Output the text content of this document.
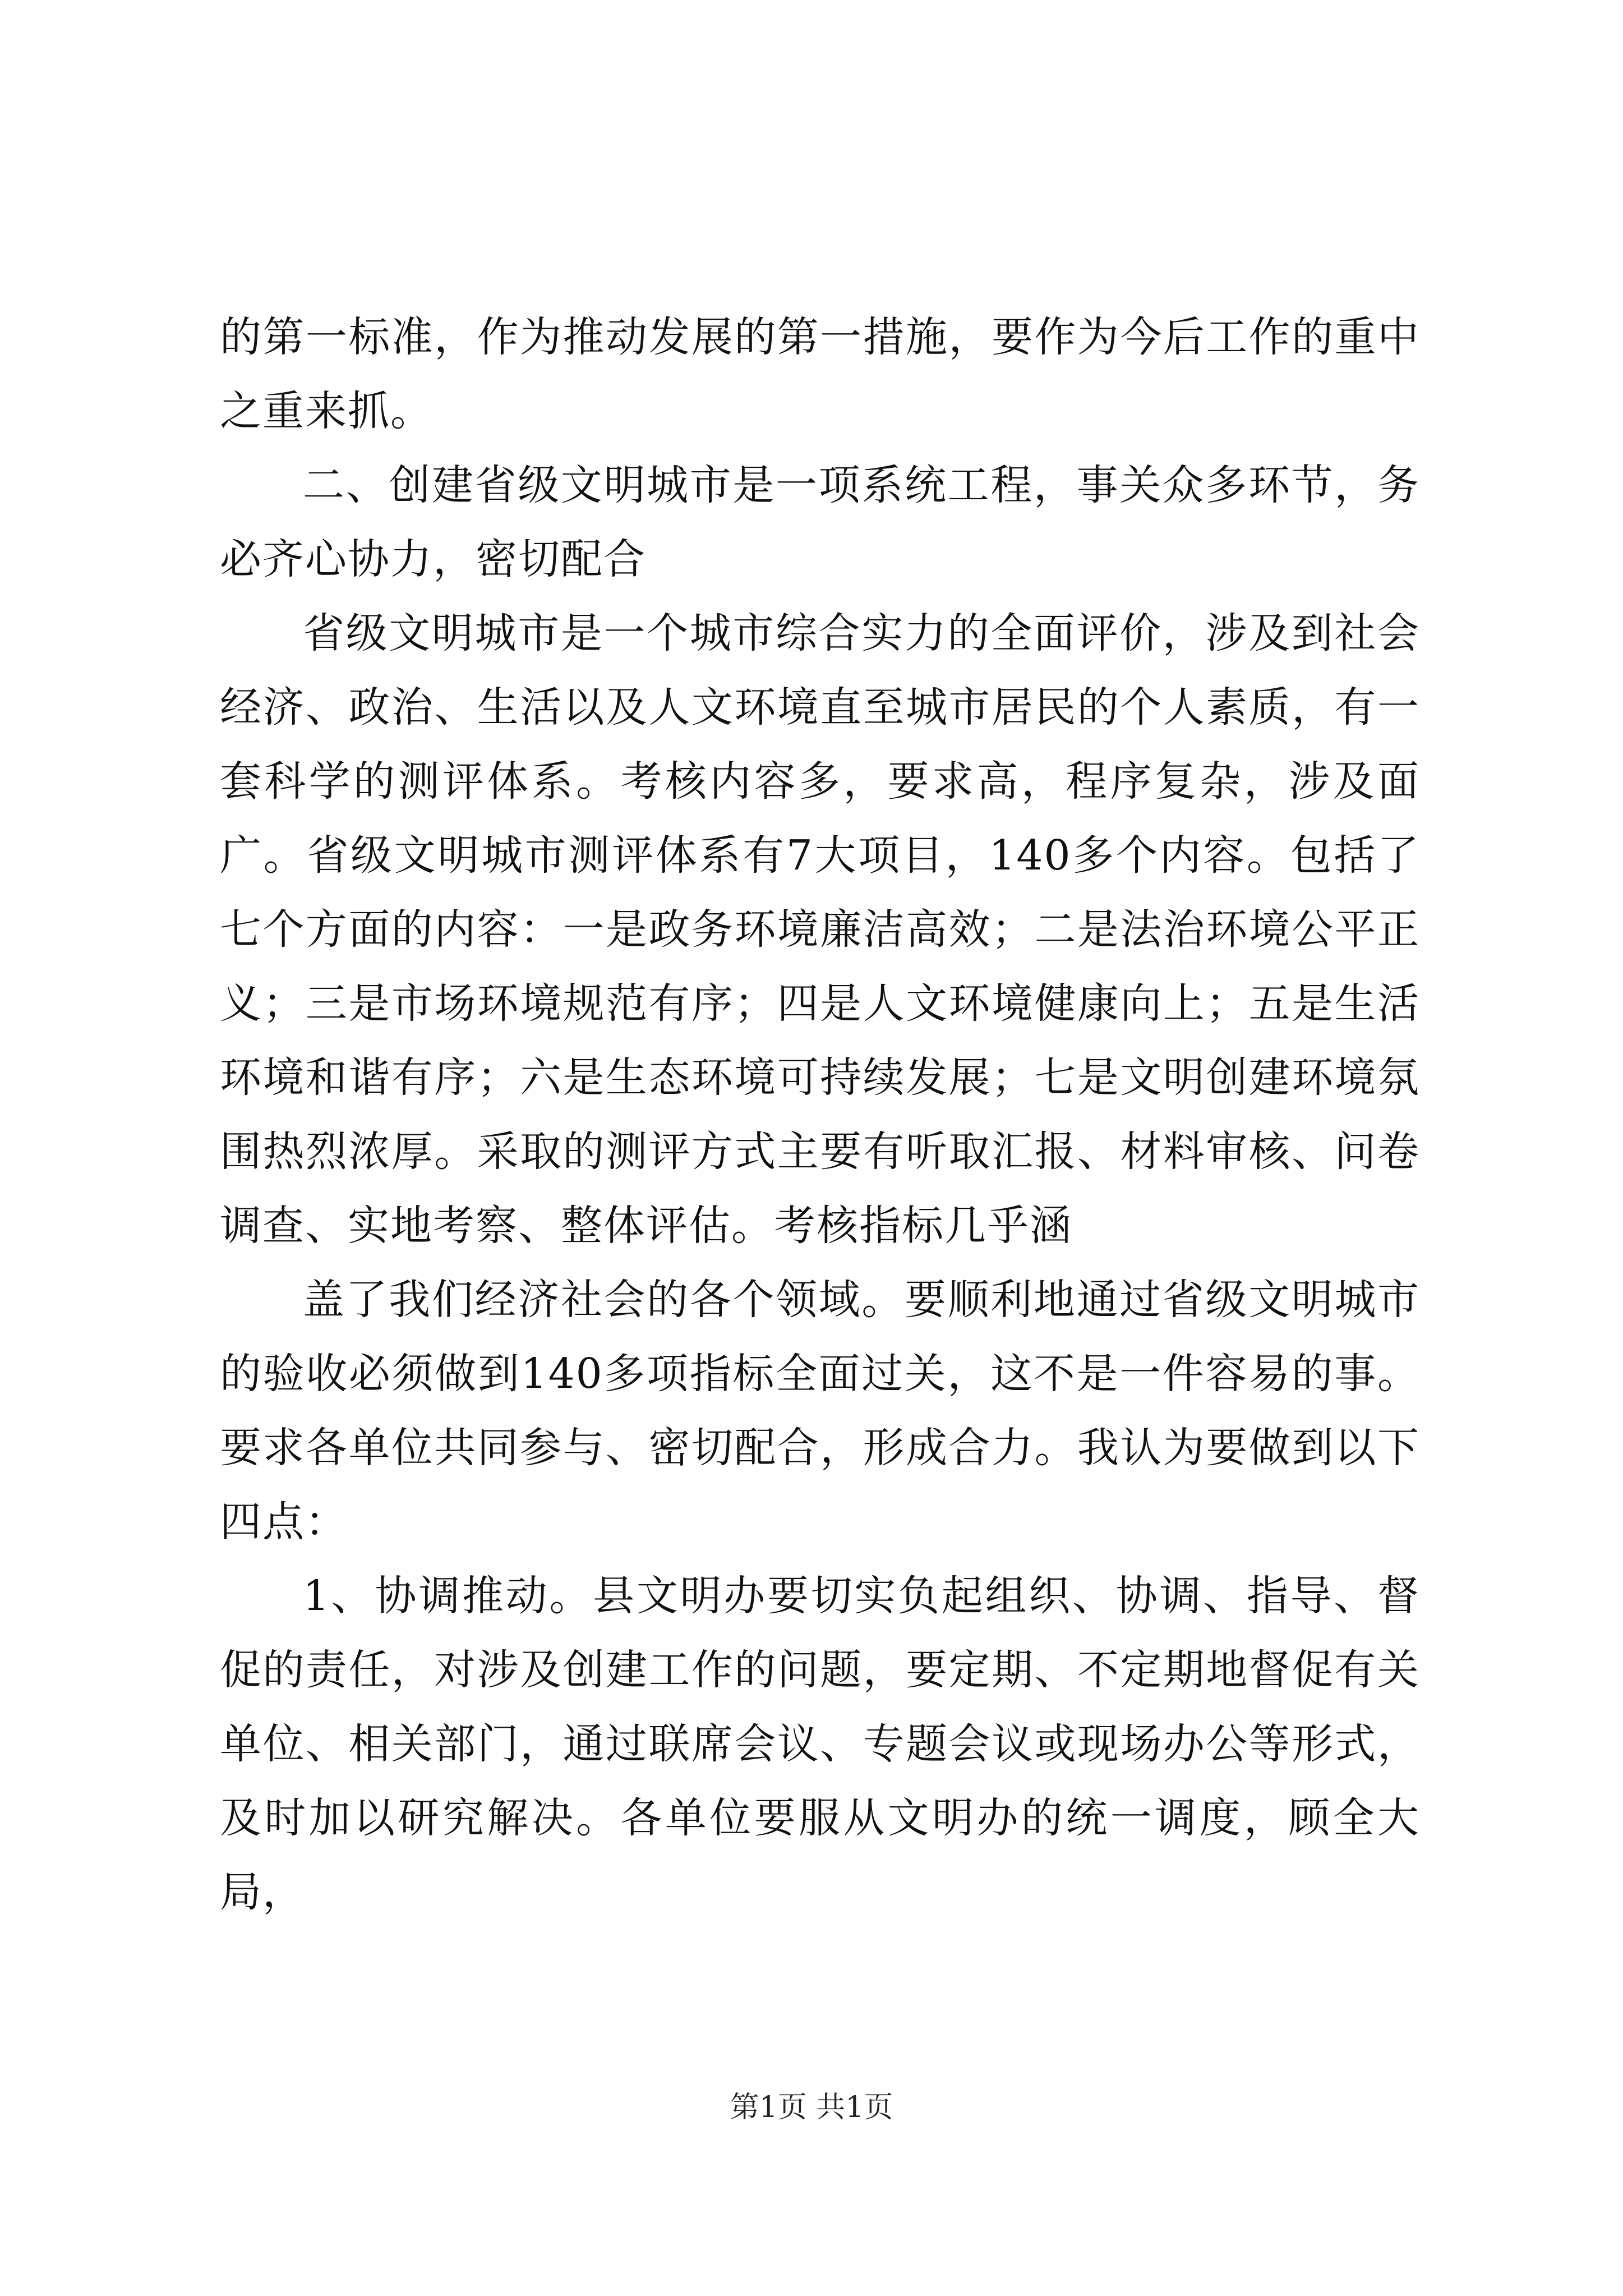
的第一标准，作为推动发展的第一措施，要作为今后工作的重中之重来抓。

二、创建省级文明城市是一项系统工程，事关众多环节，务必齐心协力，密切配合

省级文明城市是一个城市综合实力的全面评价，涉及到社会经济、政治、生活以及人文环境直至城市居民的个人素质，有一套科学的测评体系。考核内容多，要求高，程序复杂，涉及面广。省级文明城市测评体系有7大项目，140多个内容。包括了七个方面的内容：一是政务环境廉洁高效；二是法治环境公平正义；三是市场环境规范有序；四是人文环境健康向上；五是生活环境和谐有序；六是生态环境可持续发展；七是文明创建环境氛围热烈浓厚。采取的测评方式主要有听取汇报、材料审核、问卷调查、实地考察、整体评估。考核指标几乎涵

盖了我们经济社会的各个领域。要顺利地通过省级文明城市的验收必须做到140多项指标全面过关，这不是一件容易的事。要求各单位共同参与、密切配合，形成合力。我认为要做到以下四点：

1、协调推动。县文明办要切实负起组织、协调、指导、督促的责任，对涉及创建工作的问题，要定期、不定期地督促有关单位、相关部门，通过联席会议、专题会议或现场办公等形式，及时加以研究解决。各单位要服从文明办的统一调度，顾全大局，

第1页 共1页
